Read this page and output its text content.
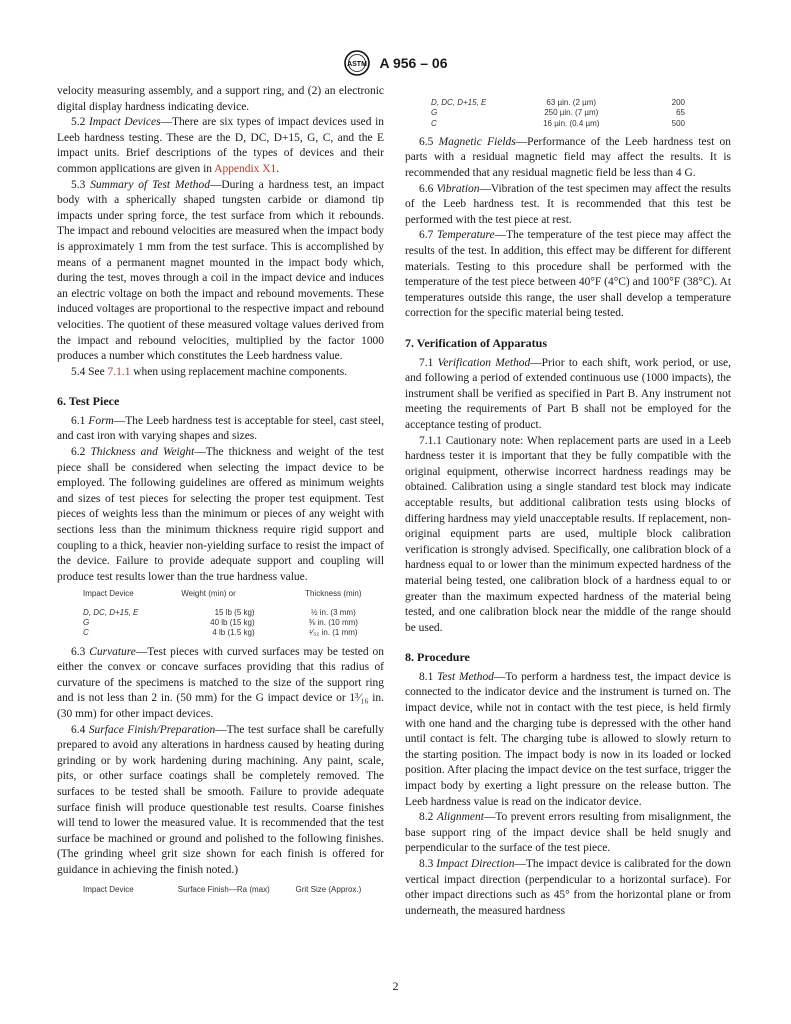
ASTM A 956 – 06

velocity measuring assembly, and a support ring, and (2) an electronic digital display hardness indicating device.

5.2 Impact Devices—There are six types of impact devices used in Leeb hardness testing. These are the D, DC, D+15, G, C, and the E impact units. Brief descriptions of the types of devices and their common applications are given in Appendix X1.

5.3 Summary of Test Method—During a hardness test, an impact body with a spherically shaped tungsten carbide or diamond tip impacts under spring force, the test surface from which it rebounds. The impact and rebound velocities are measured when the impact body is approximately 1 mm from the test surface. This is accomplished by means of a permanent magnet mounted in the impact body which, during the test, moves through a coil in the impact device and induces an electric voltage on both the impact and rebound movements. These induced voltages are proportional to the respective impact and rebound velocities. The quotient of these measured voltage values derived from the impact and rebound velocities, multiplied by the factor 1000 produces a number which constitutes the Leeb hardness value.

5.4 See 7.1.1 when using replacement machine components.

6. Test Piece

6.1 Form—The Leeb hardness test is acceptable for steel, cast steel, and cast iron with varying shapes and sizes.

6.2 Thickness and Weight—The thickness and weight of the test piece shall be considered when selecting the impact device to be employed. The following guidelines are offered as minimum weights and sizes of test pieces for selecting the proper test equipment. Test pieces of weights less than the minimum or pieces of any weight with sections less than the minimum thickness require rigid support and coupling to a thick, heavier non-yielding surface to resist the impact of the device. Failure to provide adequate support and coupling will produce test results lower than the true hardness value.

Impact Device	Weight (min) or	Thickness (min)

D, DC, D+15, E	15 lb (5 kg)	½ in. (3 mm)
G	40 lb (15 kg)	⅜ in. (10 mm)
C	4 lb (1.5 kg)	¹⁄₃₂ in. (1 mm)

6.3 Curvature—Test pieces with curved surfaces may be tested on either the convex or concave surfaces providing that this radius of curvature of the specimens is matched to the size of the support ring and is not less than 2 in. (50 mm) for the G impact device or 1³⁄₁₆ in. (30 mm) for other impact devices.

6.4 Surface Finish/Preparation—The test surface shall be carefully prepared to avoid any alterations in hardness caused by heating during grinding or by work hardening during machining. Any paint, scale, pits, or other surface coatings shall be completely removed. The surfaces to be tested shall be smooth. Failure to provide adequate surface finish will produce questionable test results. Coarse finishes will tend to lower the measured value. It is recommended that the test surface be machined or ground and polished to the following finishes. (The grinding wheel grit size shown for each finish is offered for guidance in achieving the finish noted.)

Impact Device	Surface Finish—Ra (max)	Grit Size (Approx.)
D, DC, D+15, E	63 µin. (2 µm)	200
G	250 µin. (7 µm)	65
C	16 µin. (0.4 µm)	500

6.5 Magnetic Fields—Performance of the Leeb hardness test on parts with a residual magnetic field may affect the results. It is recommended that any residual magnetic field be less than 4 G.

6.6 Vibration—Vibration of the test specimen may affect the results of the Leeb hardness test. It is recommended that this test be performed with the test piece at rest.

6.7 Temperature—The temperature of the test piece may affect the results of the test. In addition, this effect may be different for different materials. Testing to this procedure shall be performed with the temperature of the test piece between 40°F (4°C) and 100°F (38°C). At temperatures outside this range, the user shall develop a temperature correction for the specific material being tested.

7. Verification of Apparatus

7.1 Verification Method—Prior to each shift, work period, or use, and following a period of extended continuous use (1000 impacts), the instrument shall be verified as specified in Part B. Any instrument not meeting the requirements of Part B shall not be employed for the acceptance testing of product.

7.1.1 Cautionary note: When replacement parts are used in a Leeb hardness tester it is important that they be fully compatible with the original equipment, otherwise incorrect hardness readings may be obtained. Calibration using a single standard test block may indicate acceptable results, but additional calibration tests using blocks of differing hardness may yield unacceptable results. If replacement, non-original equipment parts are used, multiple block calibration verification is strongly advised. Specifically, one calibration block of a hardness equal to or lower than the minimum expected hardness of the material being tested, one calibration block of a hardness equal to or greater than the maximum expected hardness of the material being tested, and one calibration block near the middle of the range should be used.

8. Procedure

8.1 Test Method—To perform a hardness test, the impact device is connected to the indicator device and the instrument is turned on. The impact device, while not in contact with the test piece, is held firmly with one hand and the charging tube is depressed with the other hand until contact is felt. The charging tube is allowed to slowly return to the starting position. The impact body is now in its loaded or locked position. After placing the impact device on the test surface, trigger the impact body by exerting a light pressure on the release button. The Leeb hardness value is read on the indicator device.

8.2 Alignment—To prevent errors resulting from misalignment, the base support ring of the impact device shall be held snugly and perpendicular to the surface of the test piece.

8.3 Impact Direction—The impact device is calibrated for the down vertical impact direction (perpendicular to a horizontal surface). For other impact directions such as 45° from the horizontal plane or from underneath, the measured hardness

2
